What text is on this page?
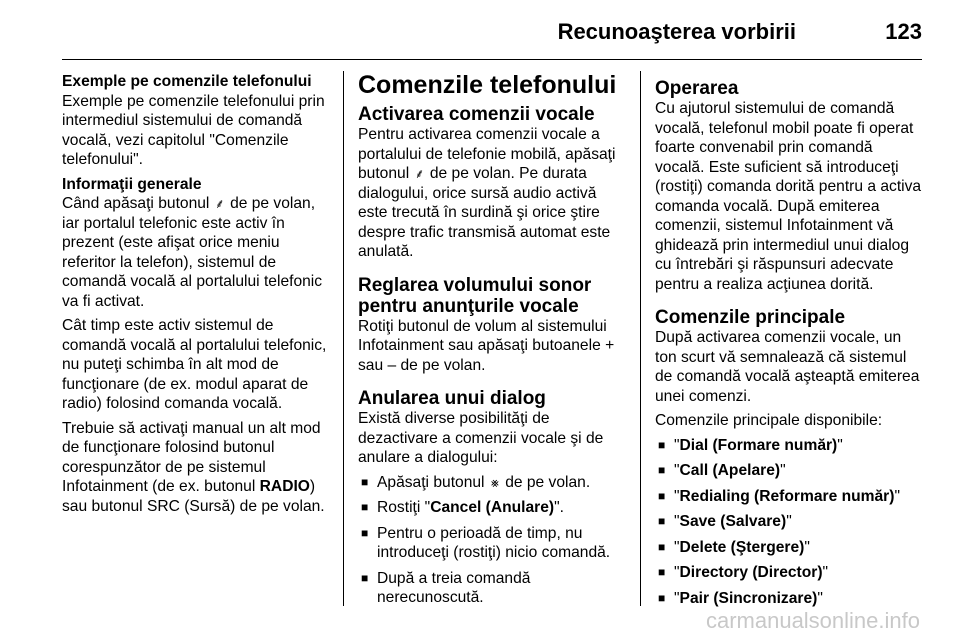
Recunoaşterea vorbirii	123
Exemple pe comenzile telefonului

Exemple pe comenzile telefonului prin intermediul sistemului de comandă vocală, vezi capitolul "Comenzile telefonului".

Informaţii generale

Când apăsaţi butonul ⸙ de pe volan, iar portalul telefonic este activ în prezent (este afişat orice meniu referitor la telefon), sistemul de comandă vocală al portalului telefonic va fi activat.

Cât timp este activ sistemul de comandă vocală al portalului telefonic, nu puteţi schimba în alt mod de funcţionare (de ex. modul aparat de radio) folosind comanda vocală.

Trebuie să activaţi manual un alt mod de funcţionare folosind butonul corespunzător de pe sistemul Infotainment (de ex. butonul RADIO) sau butonul SRC (Sursă) de pe volan.

Comenzile telefonului
Activarea comenzii vocale

Pentru activarea comenzii vocale a portalului de telefonie mobilă, apăsaţi butonul ⸙ de pe volan. Pe durata dialogului, orice sursă audio activă este trecută în surdină şi orice ştire despre trafic transmisă automat este anulată.

Reglarea volumului sonor pentru anunţurile vocale

Rotiţi butonul de volum al sistemului Infotainment sau apăsaţi butoanele + sau – de pe volan.

Anularea unui dialog

Există diverse posibilităţi de dezactivare a comenzii vocale şi de anulare a dialogului:

■ Apăsaţi butonul ⨳ de pe volan.
■ Rostiţi "Cancel (Anulare)".
■ Pentru o perioadă de timp, nu introduceţi (rostiţi) nicio comandă.
■ După a treia comandă nerecunoscută.
Operarea

Cu ajutorul sistemului de comandă vocală, telefonul mobil poate fi operat foarte convenabil prin comandă vocală. Este suficient să introduceţi (rostiţi) comanda dorită pentru a activa comanda vocală. După emiterea comenzii, sistemul Infotainment vă ghidează prin intermediul unui dialog cu întrebări şi răspunsuri adecvate pentru a realiza acţiunea dorită.

Comenzile principale

După activarea comenzii vocale, un ton scurt vă semnalează că sistemul de comandă vocală aşteaptă emiterea unei comenzi.

Comenzile principale disponibile:

■ "Dial (Formare număr)"
■ "Call (Apelare)"
■ "Redialing (Reformare număr)"
■ "Save (Salvare)"
■ "Delete (Ştergere)"
■ "Directory (Director)"
■ "Pair (Sincronizare)"
carmanualsonline.info
